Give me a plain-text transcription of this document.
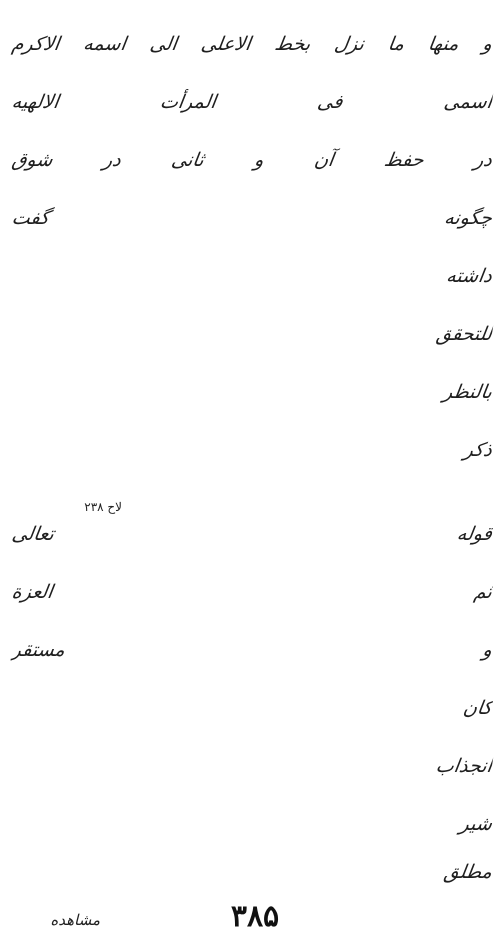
و منها ما نزل بخط الاعلى الى اسمه الاکرم
اسمی فی المرأت الالهیه
در حفظ آن و ثانی در شوق
چگونه گفت
داشته
للتحقق
بالنظر
ذکر
لاح ۲۳۸
قوله تعالی
ثم العزة
و مستقر
کان
انجذاب
شیر
مطلق
مشاهده	۳۸۵
